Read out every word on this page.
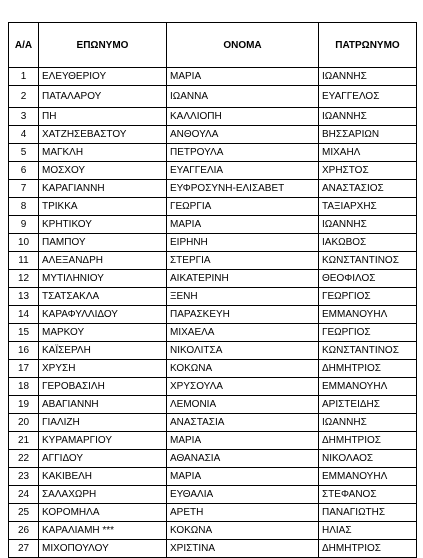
Α/Α	ΕΠΩΝΥΜΟ	ΟΝΟΜΑ	ΠΑΤΡΩΝΥΜΟ
1	ΕΛΕΥΘΕΡΙΟΥ	ΜΑΡΙΑ	ΙΩΑΝΝΗΣ
2	ΠΑΤΑΛΑΡΟΥ	ΙΩΑΝΝΑ	ΕΥΑΓΓΕΛΟΣ
3	ΠΗ	ΚΑΛΛΙΟΠΗ	ΙΩΑΝΝΗΣ
4	ΧΑΤΖΗΣΕΒΑΣΤΟΥ	ΑΝΘΟΥΛΑ	ΒΗΣΣΑΡΙΩΝ
5	ΜΑΓΚΛΗ	ΠΕΤΡΟΥΛΑ	ΜΙΧΑΗΛ
6	ΜΟΣΧΟΥ	ΕΥΑΓΓΕΛΙΑ	ΧΡΗΣΤΟΣ
7	ΚΑΡΑΓΙΑΝΝΗ	ΕΥΦΡΟΣΥΝΗ-ΕΛΙΣΑΒΕΤ	ΑΝΑΣΤΑΣΙΟΣ
8	ΤΡΙΚΚΑ	ΓΕΩΡΓΙΑ	ΤΑΞΙΑΡΧΗΣ
9	ΚΡΗΤΙΚΟΥ	ΜΑΡΙΑ	ΙΩΑΝΝΗΣ
10	ΠΑΜΠΟΥ	ΕΙΡΗΝΗ	ΙΑΚΩΒΟΣ
11	ΑΛΕΞΑΝΔΡΗ	ΣΤΕΡΓΙΑ	ΚΩΝΣΤΑΝΤΙΝΟΣ
12	ΜΥΤΙΛΗΝΙΟΥ	ΑΙΚΑΤΕΡΙΝΗ	ΘΕΟΦΙΛΟΣ
13	ΤΣΑΤΣΑΚΛΑ	ΞΕΝΗ	ΓΕΩΡΓΙΟΣ
14	ΚΑΡΑΦΥΛΛΙΔΟΥ	ΠΑΡΑΣΚΕΥΗ	ΕΜΜΑΝΟΥΗΛ
15	ΜΑΡΚΟΥ	ΜΙΧΑΕΛΑ	ΓΕΩΡΓΙΟΣ
16	ΚΑΪΣΕΡΛΗ	ΝΙΚΟΛΙΤΣΑ	ΚΩΝΣΤΑΝΤΙΝΟΣ
17	ΧΡΥΣΗ	ΚΟΚΩΝΑ	ΔΗΜΗΤΡΙΟΣ
18	ΓΕΡΟΒΑΣΙΛΗ	ΧΡΥΣΟΥΛΑ	ΕΜΜΑΝΟΥΗΛ
19	ΑΒΑΓΙΑΝΝΗ	ΛΕΜΟΝΙΑ	ΑΡΙΣΤΕΙΔΗΣ
20	ΓΙΑΛΙΖΗ	ΑΝΑΣΤΑΣΙΑ	ΙΩΑΝΝΗΣ
21	ΚΥΡΑΜΑΡΓΙΟΥ	ΜΑΡΙΑ	ΔΗΜΗΤΡΙΟΣ
22	ΑΓΓΙΔΟΥ	ΑΘΑΝΑΣΙΑ	ΝΙΚΟΛΑΟΣ
23	ΚΑΚΙΒΕΛΗ	ΜΑΡΙΑ	ΕΜΜΑΝΟΥΗΛ
24	ΣΑΛΑΧΩΡΗ	ΕΥΘΑΛΙΑ	ΣΤΕΦΑΝΟΣ
25	ΚΟΡΟΜΗΛΑ	ΑΡΕΤΗ	ΠΑΝΑΓΙΩΤΗΣ
26	ΚΑΡΑΛΙΑΜΗ ***	ΚΟΚΩΝΑ	ΗΛΙΑΣ
27	ΜΙΧΟΠΟΥΛΟΥ	ΧΡΙΣΤΙΝΑ	ΔΗΜΗΤΡΙΟΣ
